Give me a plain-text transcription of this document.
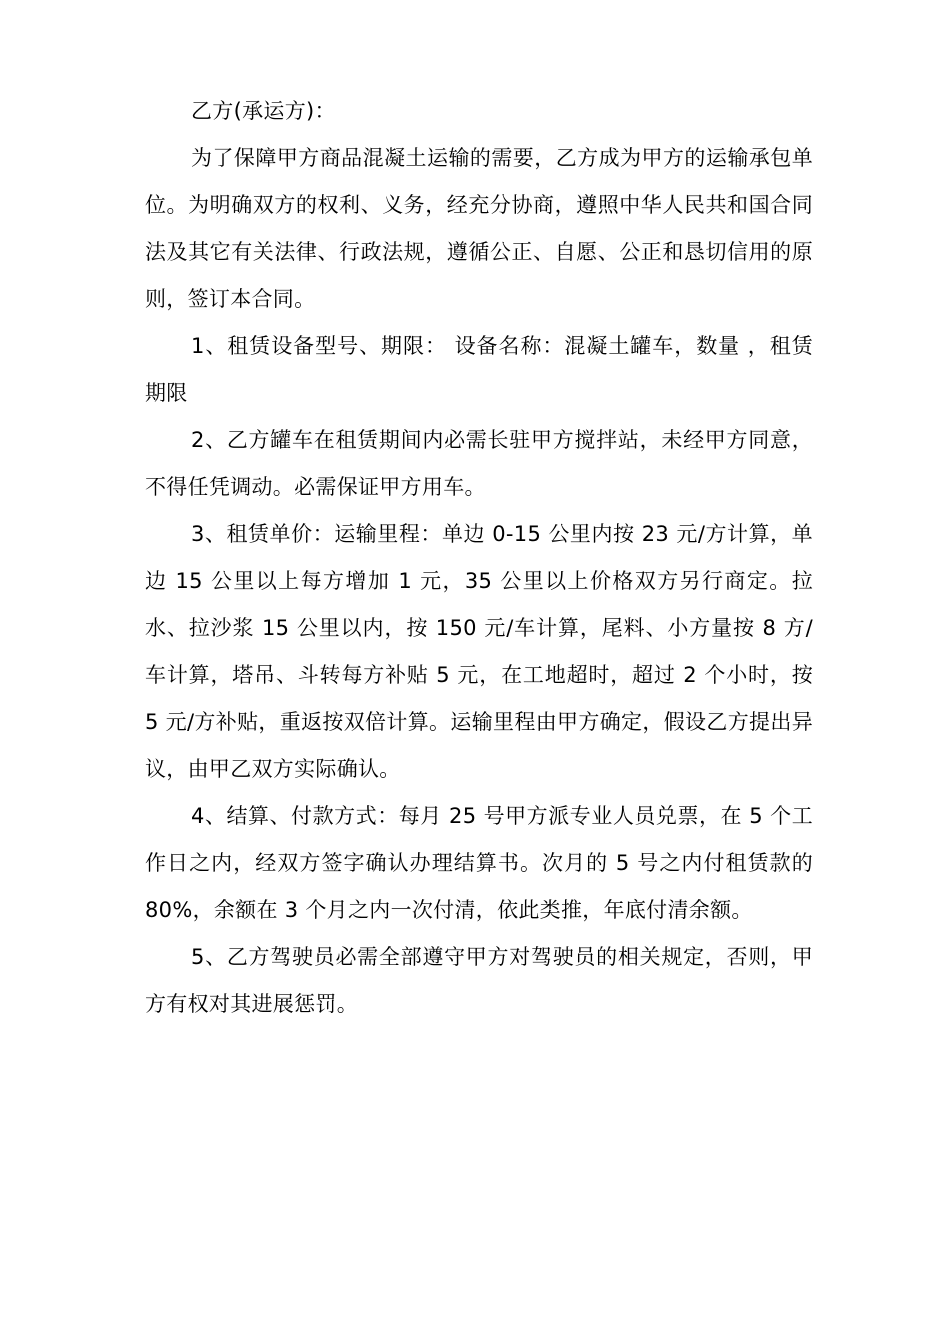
乙方(承运方)：

为了保障甲方商品混凝土运输的需要，乙方成为甲方的运输承包单位。为明确双方的权利、义务，经充分协商，遵照中华人民共和国合同法及其它有关法律、行政法规，遵循公正、自愿、公正和恳切信用的原则，签订本合同。

1、租赁设备型号、期限： 设备名称：混凝土罐车，数量 ，租赁期限

2、乙方罐车在租赁期间内必需长驻甲方搅拌站，未经甲方同意，不得任凭调动。必需保证甲方用车。

3、租赁单价：运输里程：单边 0-15 公里内按 23 元/方计算，单边 15 公里以上每方增加 1 元，35 公里以上价格双方另行商定。拉水、拉沙浆 15 公里以内，按 150 元/车计算，尾料、小方量按 8 方/车计算，塔吊、斗转每方补贴 5 元，在工地超时，超过 2 个小时，按 5 元/方补贴，重返按双倍计算。运输里程由甲方确定，假设乙方提出异议，由甲乙双方实际确认。

4、结算、付款方式：每月 25 号甲方派专业人员兑票，在 5 个工作日之内，经双方签字确认办理结算书。次月的 5 号之内付租赁款的 80%，余额在 3 个月之内一次付清，依此类推，年底付清余额。

5、乙方驾驶员必需全部遵守甲方对驾驶员的相关规定，否则，甲方有权对其进展惩罚。
